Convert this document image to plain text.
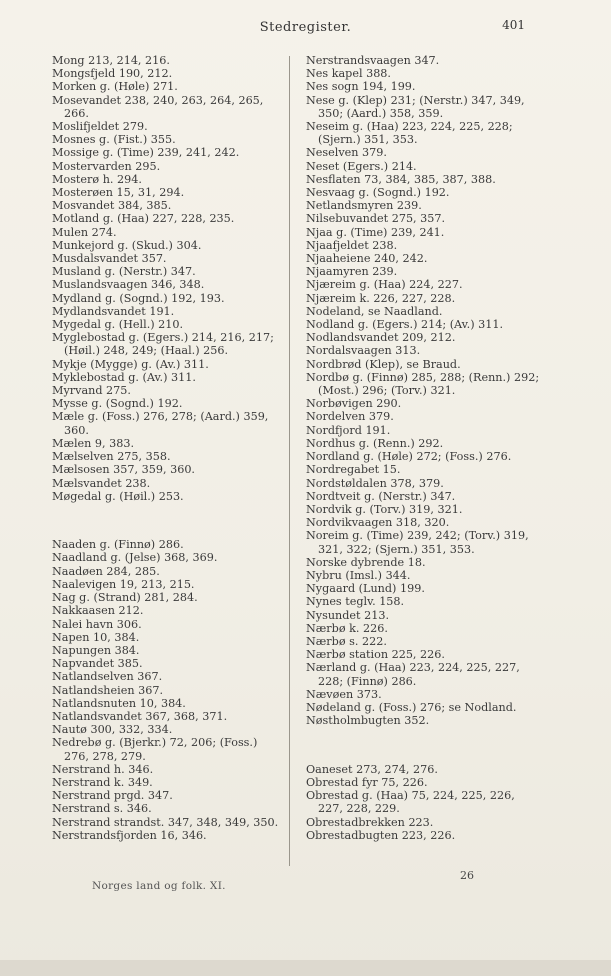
Stedregister.	401

Mong 213, 214, 216.

Mongsfjeld 190, 212.

Morken g. (Høle) 271.

Mosevandet 238, 240, 263, 264, 265, 266.

Moslifjeldet 279.

Mosnes g. (Fist.) 355.

Mossige g. (Time) 239, 241, 242.

Mostervarden 295.

Mosterø h. 294.

Mosterøen 15, 31, 294.

Mosvandet 384, 385.

Motland g. (Haa) 227, 228, 235.

Mulen 274.

Munkejord g. (Skud.) 304.

Musdalsvandet 357.

Musland g. (Nerstr.) 347.

Muslandsvaagen 346, 348.

Mydland g. (Sognd.) 192, 193.

Mydlandsvandet 191.

Mygedal g. (Hell.) 210.

Myglebostad g. (Egers.) 214, 216, 217; (Høil.) 248, 249; (Haal.) 256.

Mykje (Mygge) g. (Av.) 311.

Myklebostad g. (Av.) 311.

Myrvand 275.

Mysse g. (Sognd.) 192.

Mæle g. (Foss.) 276, 278; (Aard.) 359, 360.

Mælen 9, 383.

Mælselven 275, 358.

Mælsosen 357, 359, 360.

Mælsvandet 238.

Møgedal g. (Høil.) 253.

Naaden g. (Finnø) 286.

Naadland g. (Jelse) 368, 369.

Naadøen 284, 285.

Naalevigen 19, 213, 215.

Nag g. (Strand) 281, 284.

Nakkaasen 212.

Nalei havn 306.

Napen 10, 384.

Napungen 384.

Napvandet 385.

Natlandselven 367.

Natlandsheien 367.

Natlandsnuten 10, 384.

Natlandsvandet 367, 368, 371.

Nautø 300, 332, 334.

Nedrebø g. (Bjerkr.) 72, 206; (Foss.) 276, 278, 279.

Nerstrand h. 346.

Nerstrand k. 349.

Nerstrand prgd. 347.

Nerstrand s. 346.

Nerstrand strandst. 347, 348, 349, 350.

Nerstrandsfjorden 16, 346.

Nerstrandsvaagen 347.

Nes kapel 388.

Nes sogn 194, 199.

Nese g. (Klep) 231; (Nerstr.) 347, 349, 350; (Aard.) 358, 359.

Neseim g. (Haa) 223, 224, 225, 228; (Sjern.) 351, 353.

Neselven 379.

Neset (Egers.) 214.

Nesflaten 73, 384, 385, 387, 388.

Nesvaag g. (Sognd.) 192.

Netlandsmyren 239.

Nilsebuvandet 275, 357.

Njaa g. (Time) 239, 241.

Njaafjeldet 238.

Njaaheiene 240, 242.

Njaamyren 239.

Njæreim g. (Haa) 224, 227.

Njæreim k. 226, 227, 228.

Nodeland, se Naadland.

Nodland g. (Egers.) 214; (Av.) 311.

Nodlandsvandet 209, 212.

Nordalsvaagen 313.

Nordbrød (Klep), se Braud.

Nordbø g. (Finnø) 285, 288; (Renn.) 292; (Most.) 296; (Torv.) 321.

Norbøvigen 290.

Nordelven 379.

Nordfjord 191.

Nordhus g. (Renn.) 292.

Nordland g. (Høle) 272; (Foss.) 276.

Nordregabet 15.

Nordstøldalen 378, 379.

Nordtveit g. (Nerstr.) 347.

Nordvik g. (Torv.) 319, 321.

Nordvikvaagen 318, 320.

Noreim g. (Time) 239, 242; (Torv.) 319, 321, 322; (Sjern.) 351, 353.

Norske dybrende 18.

Nybru (Imsl.) 344.

Nygaard (Lund) 199.

Nynes teglv. 158.

Nysundet 213.

Nærbø k. 226.

Nærbø s. 222.

Nærbø station 225, 226.

Nærland g. (Haa) 223, 224, 225, 227, 228; (Finnø) 286.

Nævøen 373.

Nødeland g. (Foss.) 276; se Nodland.

Nøstholmbugten 352.

Oaneset 273, 274, 276.

Obrestad fyr 75, 226.

Obrestad g. (Haa) 75, 224, 225, 226, 227, 228, 229.

Obrestadbrekken 223.

Obrestadbugten 223, 226.

Norges land og folk. XI.
26
